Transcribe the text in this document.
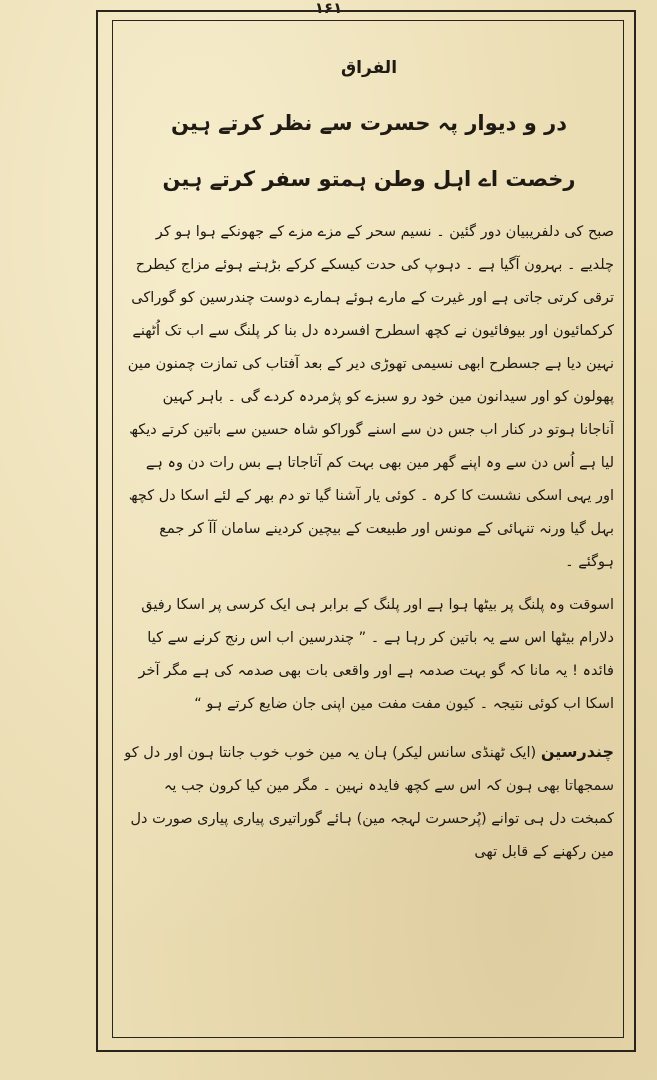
۱۶۱
الفراق
در و دیوار پہ حسرت سے نظر کرتے ہین
رخصت اے اہل وطن ہمتو سفر کرتے ہین

صبح کی دلفریبیان دور گئین ۔ نسیم سحر کے مزے مزے کے جھونکے ہوا ہو کر چلدیے ۔ بہرون آگیا ہے ۔ دہوپ کی حدت کیسکے کرکے بڑہتے ہوئے مزاج کیطرح ترقی کرتی جاتی ہے اور غیرت کے مارے ہوئے ہمارے دوست چندرسین کو گوراکی کرکمائیون اور بیوفائیون نے کچھ اسطرح افسردہ دل بنا کر پلنگ سے اب تک اُٹھنے نہین دیا ہے جسطرح ابھی نسیمی تھوڑی دیر کے بعد آفتاب کی تمازت چمنون مین پھولون کو اور سیدانون مین خود رو سبزے کو پژمردہ کردے گی ۔ باہر کہین آناجانا ہوتو در کنار اب جس دن سے اسنے گوراکو شاہ حسین سے باتین کرتے دیکھ لیا ہے اُس دن سے وہ اپنے گھر مین بھی بہت کم آتاجاتا ہے بس رات دن وہ ہے اور یہی اسکی نشست کا کرہ ۔ کوئی یار آشنا گیا تو دم بھر کے لئے اسکا دل کچھ بہل گیا ورنہ تنہائی کے مونس اور طبیعت کے بیچین کردینے سامان آآ کر جمع ہوگئے ۔

اسوقت وہ پلنگ پر بیٹھا ہوا ہے اور پلنگ کے برابر ہی ایک کرسی پر اسکا رفیق دلارام بیٹھا اس سے یہ باتین کر رہا ہے ۔ ” چندرسین اب اس رنج کرنے سے کیا فائدہ ! یہ مانا کہ گو بہت صدمہ ہے اور واقعی بات بھی صدمہ کی ہے مگر آخر اسکا اب کوئی نتیجہ ۔ کیون مفت مفت مین اپنی جان ضایع کرتے ہو “

چندرسین (ایک ٹھنڈی سانس لیکر) ہان یہ مین خوب خوب جانتا ہون اور دل کو سمجھاتا بھی ہون کہ اس سے کچھ فایدہ نہین ۔ مگر مین کیا کرون جب یہ کمبخت دل ہی توانے (پُرحسرت لہجہ مین) ہائے گوراتیری پیاری پیاری صورت دل مین رکھنے کے قابل تھی
